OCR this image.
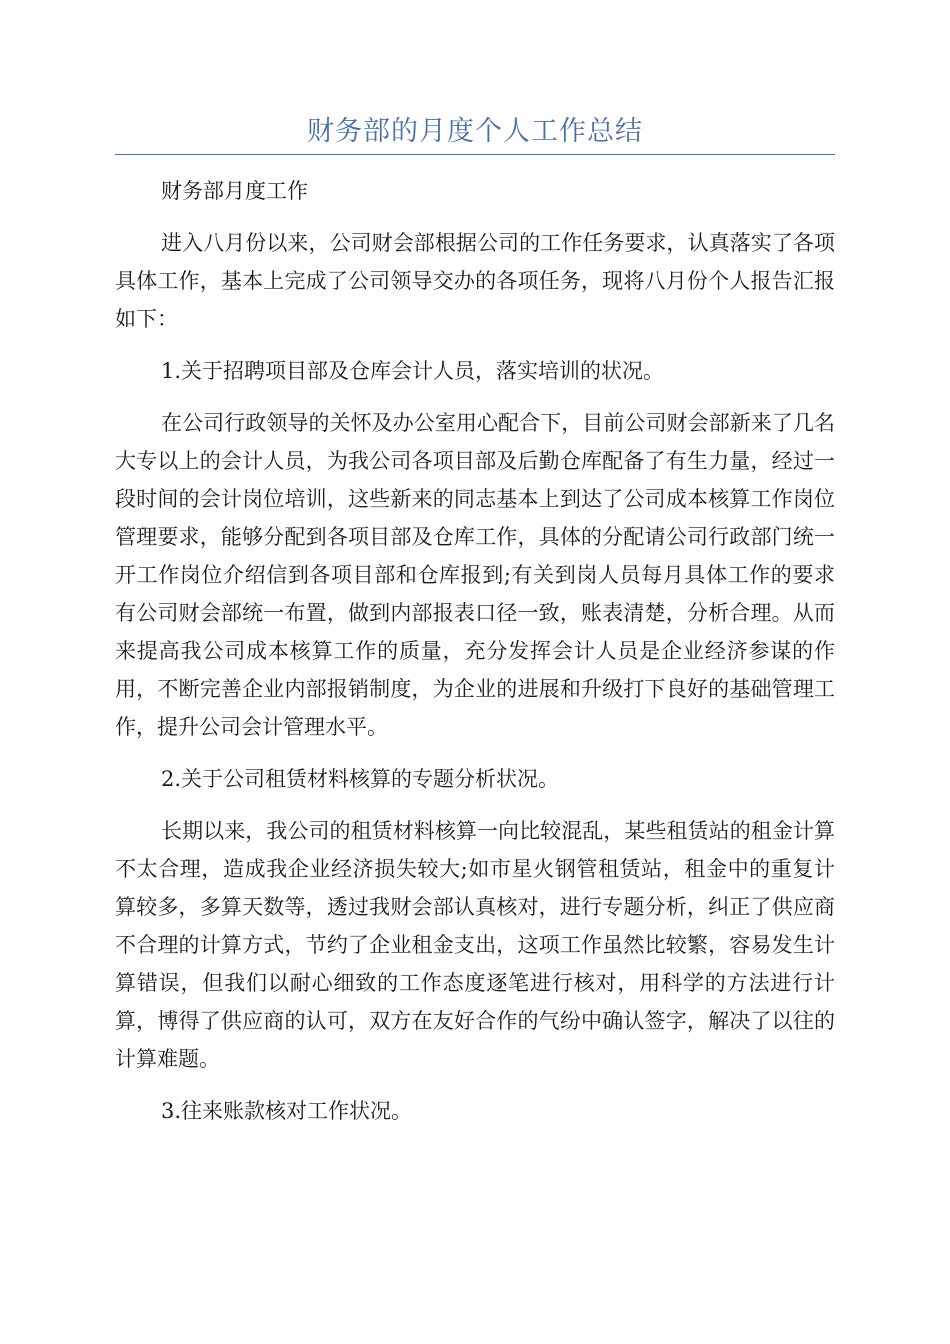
财务部的月度个人工作总结

财务部月度工作

进入八月份以来，公司财会部根据公司的工作任务要求，认真落实了各项具体工作，基本上完成了公司领导交办的各项任务，现将八月份个人报告汇报如下：

1.关于招聘项目部及仓库会计人员，落实培训的状况。

在公司行政领导的关怀及办公室用心配合下，目前公司财会部新来了几名大专以上的会计人员，为我公司各项目部及后勤仓库配备了有生力量，经过一段时间的会计岗位培训，这些新来的同志基本上到达了公司成本核算工作岗位管理要求，能够分配到各项目部及仓库工作，具体的分配请公司行政部门统一开工作岗位介绍信到各项目部和仓库报到;有关到岗人员每月具体工作的要求有公司财会部统一布置，做到内部报表口径一致，账表清楚，分析合理。从而来提高我公司成本核算工作的质量，充分发挥会计人员是企业经济参谋的作用，不断完善企业内部报销制度，为企业的进展和升级打下良好的基础管理工作，提升公司会计管理水平。

2.关于公司租赁材料核算的专题分析状况。

长期以来，我公司的租赁材料核算一向比较混乱，某些租赁站的租金计算不太合理，造成我企业经济损失较大;如市星火钢管租赁站，租金中的重复计算较多，多算天数等，透过我财会部认真核对，进行专题分析，纠正了供应商不合理的计算方式，节约了企业租金支出，这项工作虽然比较繁，容易发生计算错误，但我们以耐心细致的工作态度逐笔进行核对，用科学的方法进行计算，博得了供应商的认可，双方在友好合作的气纷中确认签字，解决了以往的计算难题。

3.往来账款核对工作状况。
